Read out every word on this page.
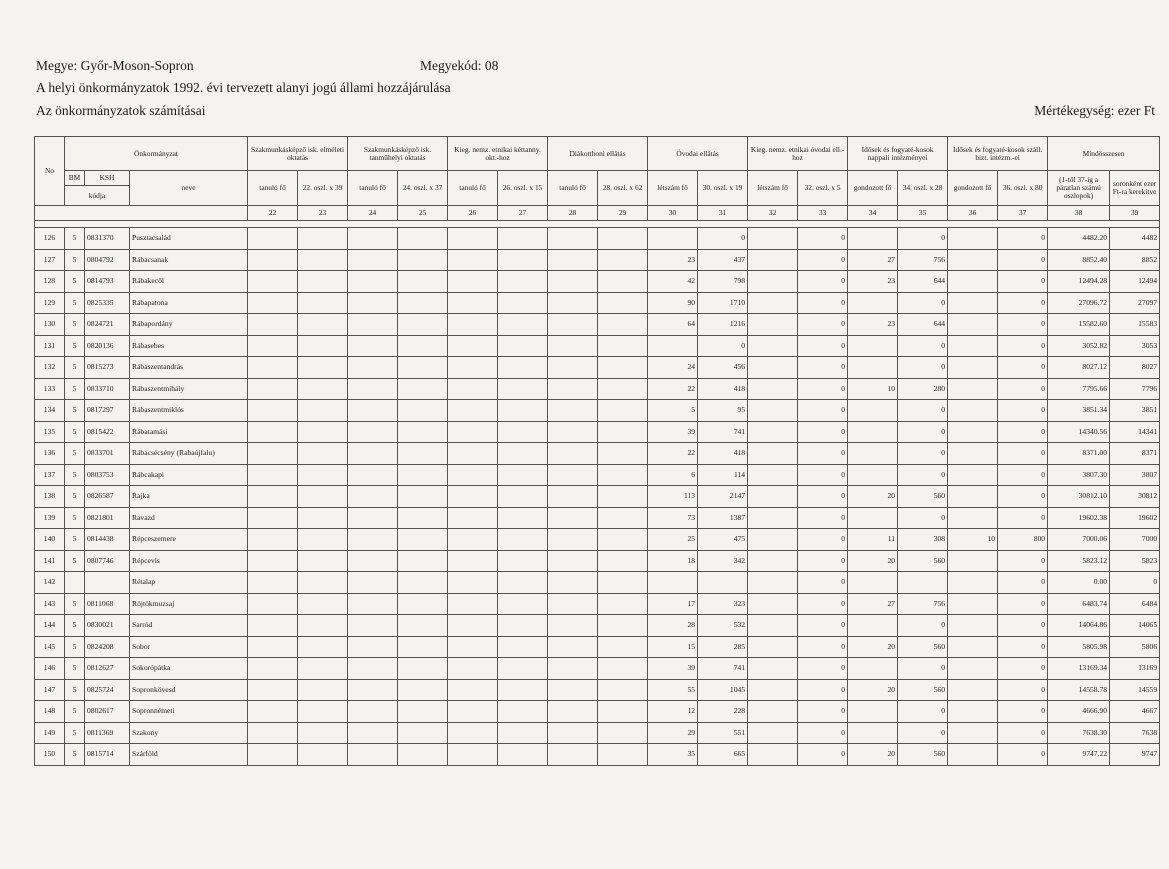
Megye: Győr-Moson-Sopron	Megyekód: 08
A helyi önkormányzatok 1992. évi tervezett alanyi jogú állami hozzájárulása
Az önkormányzatok számításai	Mértékegység: ezer Ft
No	Önkormányzat			Szakmunkásképző isk. elméleti oktatás		Szakmunkásképző isk. tanműhelyi oktatás		Kieg. nemz. etnikai kéttanny. okt.-hoz		Diákotthoni ellátás		Óvodai ellátás		Kieg. nemz. etnikai óvodai ell.-hoz		Idősek és fogyaté-kosok nappali intézményei		Idősek és fogyaté-kosok száll. bizt. intézm.-ei		Mindösszesen	
	BM	KSH	neve	tanuló fő	22. oszl. x 39	tanuló fő	24. oszl. x 37	tanuló fő	26. oszl. x 15	tanuló fő	28. oszl. x 62	létszám fő	30. oszl. x 19	létszám fő	32. oszl. x 5	gondozott fő	34. oszl. x 28	gondozott fő	36. oszl. x 80	(1-től 37-ig a páratlan számú oszlopok)	soronként ezer Ft-ra kerekítve
	kódja																				
				22	23	24	25	26	27	28	29	30	31	32	33	34	35	36	37	38	39

126	5	0831370	Pusztacsalád										0		0		0		0	4482.20	4482
127	5	0804792	Rábacsanak									23	437		0	27	756		0	8852.40	8852
128	5	0814793	Rábakecöl									42	798		0	23	644		0	12494.28	12494
129	5	0825335	Rábapatona									90	1710		0		0		0	27096.72	27097
130	5	0824721	Rábapordány									64	1216		0	23	644		0	15582.60	15583
131	5	0820136	Rábasebes										0		0		0		0	3052.82	3053
132	5	0815273	Rábaszentandrás									24	456		0		0		0	8027.12	8027
133	5	0833710	Rábaszentmihály									22	418		0	10	280		0	7795.66	7796
134	5	0817297	Rábaszentmiklós									5	95		0		0		0	3851.34	3851
135	5	0815422	Rábatamási									39	741		0		0		0	14340.56	14341
136	5	0833701	Rábacsécsény (Rabaújfalu)									22	418		0		0		0	8371.00	8371
137	5	0803753	Rábcakapi									6	114		0		0		0	3807.30	3807
138	5	0826587	Rajka									113	2147		0	20	560		0	30812.10	30812
139	5	0821801	Ravazd									73	1387		0		0		0	19602.38	19602
140	5	0814438	Répceszemere									25	475		0	11	308	10	800	7000.06	7000
141	5	0807746	Répcevis									18	342		0	20	560		0	5823.12	5823
142			Rétalap												0				0	0.00	0
143	5	0811068	Röjtökmuzsaj									17	323		0	27	756		0	6483.74	6484
144	5	0830021	Sarród									28	532		0		0		0	14064.86	14065
145	5	0824208	Sobor									15	285		0	20	560		0	5805.98	5806
146	5	0812627	Sokorópátka									39	741		0		0		0	13169.34	13169
147	5	0825724	Sopronkövesd									55	1045		0	20	560		0	14558.78	14559
148	5	0802617	Sopronnémeti									12	228		0		0		0	4666.90	4667
149	5	0811369	Szakony									29	551		0		0		0	7638.30	7638
150	5	0815714	Szárföld									35	665		0	20	560		0	9747.22	9747
